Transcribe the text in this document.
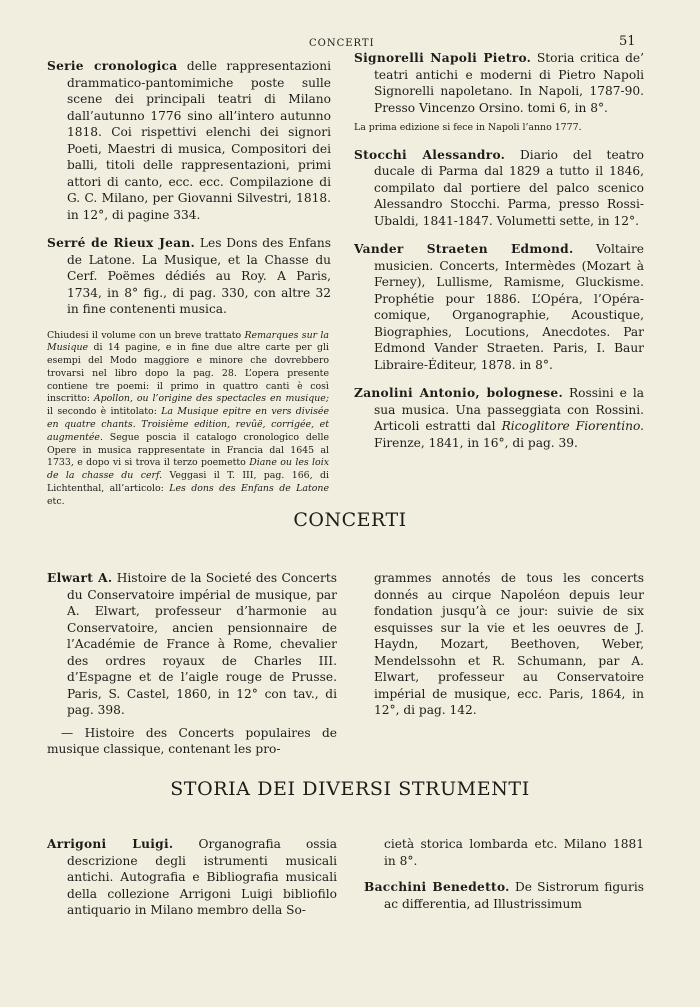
CONCERTI	51

Serie cronologica delle rappresentazioni drammatico-pantomimiche poste sulle scene dei principali teatri di Milano dall’autunno 1776 sino all’intero autunno 1818. Coi rispettivi elenchi dei signori Poeti, Maestri di musica, Compositori dei balli, titoli delle rappresentazioni, primi attori di canto, ecc. ecc. Compilazione di G. C. Milano, per Giovanni Silvestri, 1818. in 12°, di pagine 334.

Serré de Rieux Jean. Les Dons des Enfans de Latone. La Musique, et la Chasse du Cerf. Poëmes dédiés au Roy. A Paris, 1734, in 8° fig., di pag. 330, con altre 32 in fine contenenti musica.

Chiudesi il volume con un breve trattato Remarques sur la Musique di 14 pagine, e in fine due altre carte per gli esempi del Modo maggiore e minore che dovrebbero trovarsi nel libro dopo la pag. 28. L’opera presente contiene tre poemi: il primo in quattro canti è così inscritto: Apollon, ou l’origine des spectacles en musique; il secondo è intitolato: La Musique epitre en vers divisée en quatre chants. Troisième edition, revûë, corrigée, et augmentée. Segue poscia il catalogo cronologico delle Opere in musica rappresentate in Francia dal 1645 al 1733, e dopo vi si trova il terzo poemetto Diane ou les loix de la chasse du cerf. Veggasi il T. III, pag. 166, di Lichtenthal, all’articolo: Les dons des Enfans de Latone etc.

Signorelli Napoli Pietro. Storia critica de’ teatri antichi e moderni di Pietro Napoli Signorelli napoletano. In Napoli, 1787-90. Presso Vincenzo Orsino. tomi 6, in 8°.

La prima edizione si fece in Napoli l’anno 1777.

Stocchi Alessandro. Diario del teatro ducale di Parma dal 1829 a tutto il 1846, compilato dal portiere del palco scenico Alessandro Stocchi. Parma, presso Rossi-Ubaldi, 1841-1847. Volumetti sette, in 12°.

Vander Straeten Edmond. Voltaire musicien. Concerts, Intermèdes (Mozart à Ferney), Lullisme, Ramisme, Gluckisme. Prophétie pour 1886. L’Opéra, l’Opéra-comique, Organographie, Acoustique, Biographies, Locutions, Anecdotes. Par Edmond Vander Straeten. Paris, I. Baur Libraire-Éditeur, 1878. in 8°.

Zanolini Antonio, bolognese. Rossini e la sua musica. Una passeggiata con Rossini. Articoli estratti dal Ricoglitore Fiorentino. Firenze, 1841, in 16°, di pag. 39.

CONCERTI

Elwart A. Histoire de la Societé des Concerts du Conservatoire impérial de musique, par A. Elwart, professeur d’harmonie au Conservatoire, ancien pensionnaire de l’Académie de France à Rome, chevalier des ordres royaux de Charles III. d’Espagne et de l’aigle rouge de Prusse. Paris, S. Castel, 1860, in 12° con tav., di pag. 398.

— Histoire des Concerts populaires de musique classique, contenant les pro-

grammes annotés de tous les concerts donnés au cirque Napoléon depuis leur fondation jusqu’à ce jour: suivie de six esquisses sur la vie et les oeuvres de J. Haydn, Mozart, Beethoven, Weber, Mendelssohn et R. Schumann, par A. Elwart, professeur au Conservatoire impérial de musique, ecc. Paris, 1864, in 12°, di pag. 142.

STORIA DEI DIVERSI STRUMENTI

Arrigoni Luigi. Organografia ossia descrizione degli istrumenti musicali antichi. Autografia e Bibliografia musicali della collezione Arrigoni Luigi bibliofilo antiquario in Milano membro della So-

cietà storica lombarda etc. Milano 1881 in 8°.

Bacchini Benedetto. De Sistrorum figuris ac differentia, ad Illustrissimum
